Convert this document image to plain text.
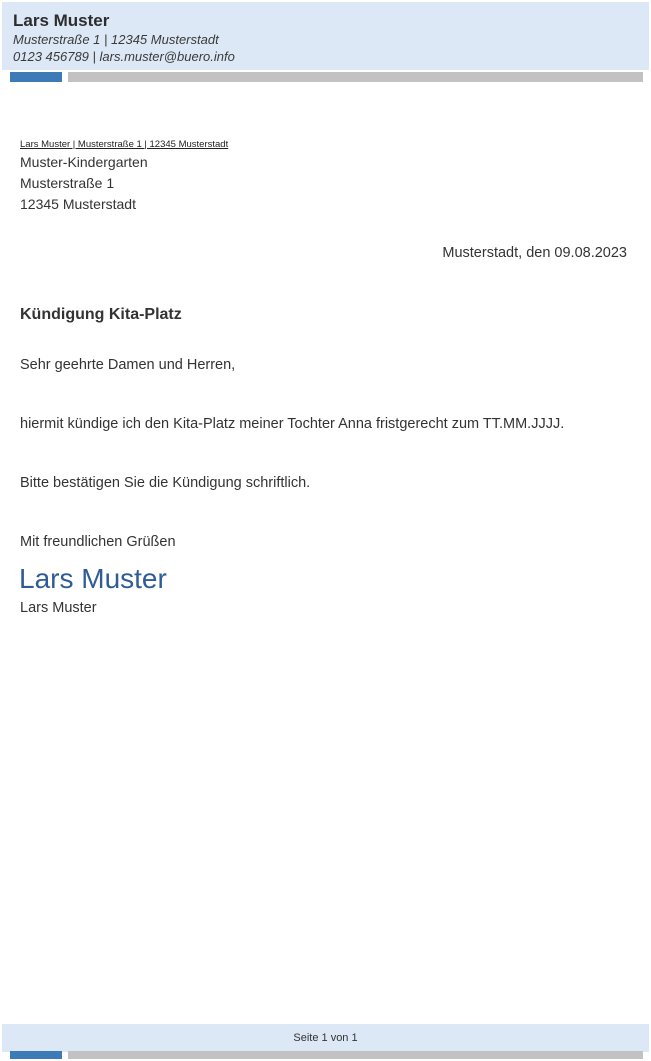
Lars Muster
Musterstraße 1 | 12345 Musterstadt
0123 456789 | lars.muster@buero.info
Lars Muster | Musterstraße 1 | 12345 Musterstadt
Muster-Kindergarten
Musterstraße 1
12345 Musterstadt
Musterstadt, den 09.08.2023
Kündigung Kita-Platz
Sehr geehrte Damen und Herren,
hiermit kündige ich den Kita-Platz meiner Tochter Anna fristgerecht zum TT.MM.JJJJ.
Bitte bestätigen Sie die Kündigung schriftlich.
Mit freundlichen Grüßen
Lars Muster
Lars Muster
Seite 1 von 1
